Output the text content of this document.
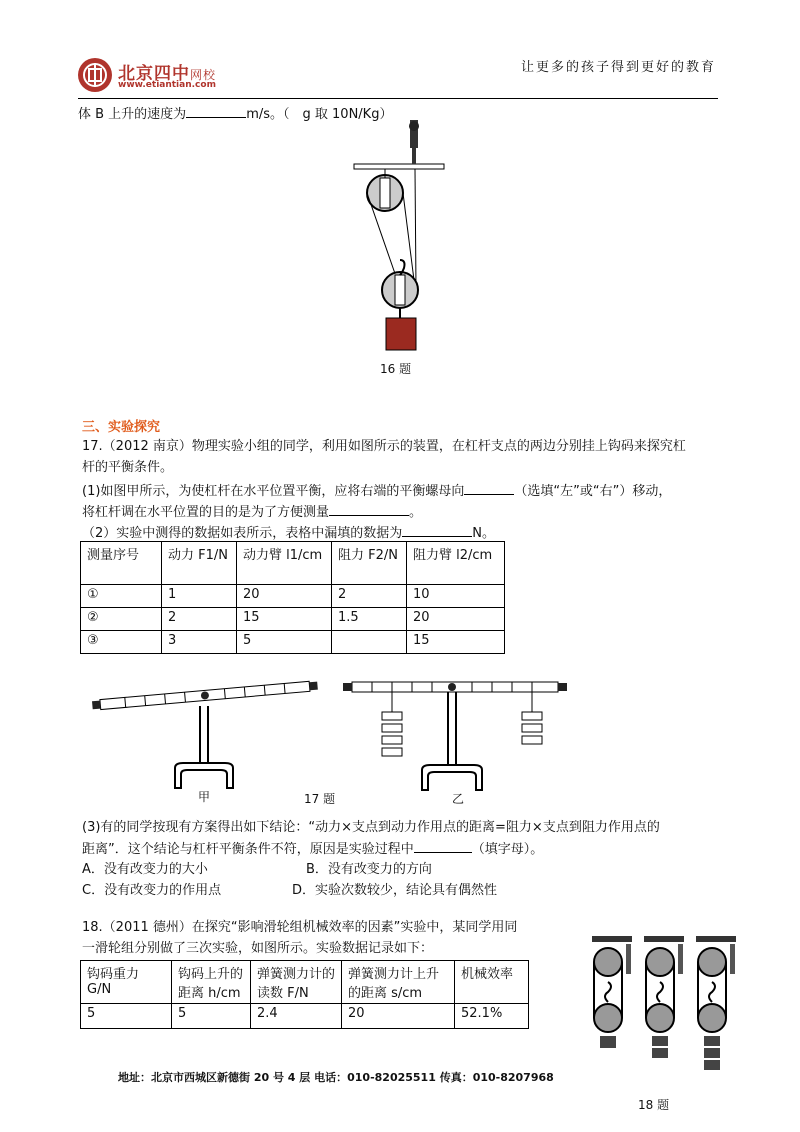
北京四中网校
www.etiantian.com
让更多的孩子得到更好的教育
体 B 上升的速度为	m/s。（　g 取 10N/Kg）
16 题
三、实验探究
17.（2012 南京）物理实验小组的同学，利用如图所示的装置，在杠杆支点的两边分别挂上钩码来探究杠
杆的平衡条件。
(1)如图甲所示，为使杠杆在水平位置平衡，应将右端的平衡螺母向	（选填“左”或“右”）移动，
将杠杆调在水平位置的目的是为了方便测量	。
（2）实验中测得的数据如表所示，表格中漏填的数据为	N。
测量序号	动力 F1/N	动力臂 l1/cm	阻力 F2/N	阻力臂 l2/cm
①	1	20	2	10
②	2	15	1.5	20
③	3	5		15
甲	17 题	乙
(3)有的同学按现有方案得出如下结论：“动力×支点到动力作用点的距离=阻力×支点到阻力作用点的
距离”．这个结论与杠杆平衡条件不符，原因是实验过程中	（填字母）。
A．没有改变力的大小	B．没有改变力的方向
C．没有改变力的作用点	D．实验次数较少，结论具有偶然性
18.（2011 德州）在探究“影响滑轮组机械效率的因素”实验中，某同学用同
一滑轮组分别做了三次实验，如图所示。实验数据记录如下：
钩码重力 G/N	钩码上升的距离 h/cm	弹簧测力计的读数 F/N	弹簧测力计上升的距离 s/cm	机械效率
5	5	2.4	20	52.1%
18 题
地址：北京市西城区新德街 20 号 4 层 电话：010-82025511 传真：010-8207968
